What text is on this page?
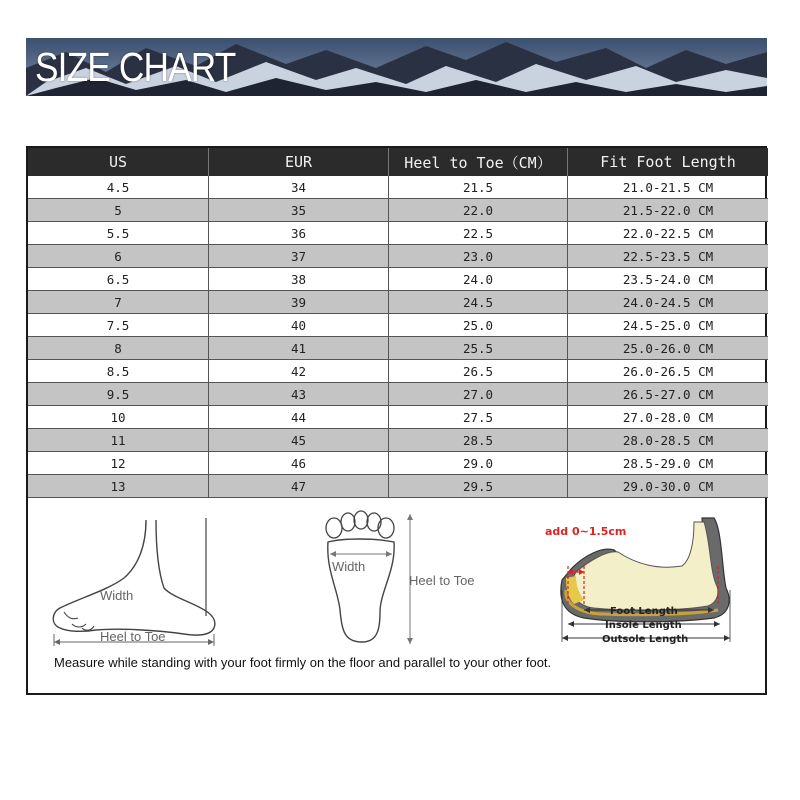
SIZE CHART
US	EUR	Heel to Toe（CM）	Fit Foot Length
4.5	34	21.5	21.0-21.5 CM
5	35	22.0	21.5-22.0 CM
5.5	36	22.5	22.0-22.5 CM
6	37	23.0	22.5-23.5 CM
6.5	38	24.0	23.5-24.0 CM
7	39	24.5	24.0-24.5 CM
7.5	40	25.0	24.5-25.0 CM
8	41	25.5	25.0-26.0 CM
8.5	42	26.5	26.0-26.5 CM
9.5	43	27.0	26.5-27.0 CM
10	44	27.5	27.0-28.0 CM
11	45	28.5	28.0-28.5 CM
12	46	29.0	28.5-29.0 CM
13	47	29.5	29.0-30.0 CM
Width
Heel to Toe
Width
Heel to Toe
add 0~1.5cm
Foot Length
Insole Length
Outsole Length
Measure while standing with your foot firmly on the floor and parallel to your other foot.
